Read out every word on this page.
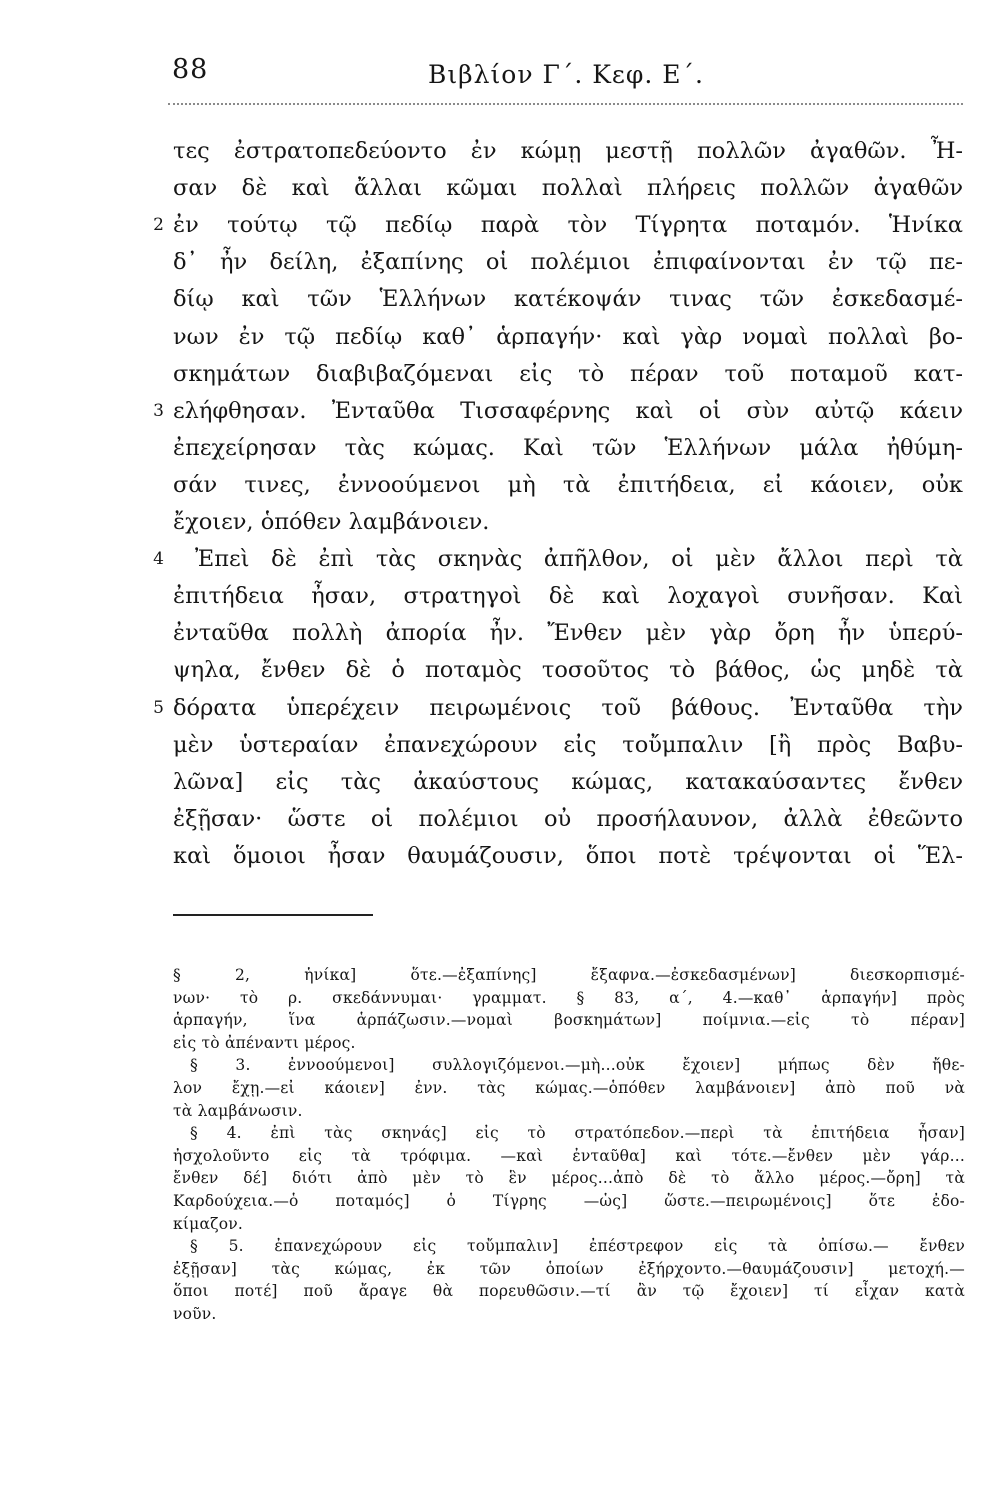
88	Βιβλίον Γ΄. Κεφ. Ε΄.
τες ἐστρατοπεδεύοντο ἐν κώμῃ μεστῇ πολλῶν ἀγαθῶν. Ἦ-
σαν δὲ καὶ ἄλλαι κῶμαι πολλαὶ πλήρεις πολλῶν ἀγαθῶν
2 ἐν τούτῳ τῷ πεδίῳ παρὰ τὸν Τίγρητα ποταμόν. Ἡνίκα
δ᾽ ἦν δείλη, ἐξαπίνης οἱ πολέμιοι ἐπιφαίνονται ἐν τῷ πε-
δίῳ καὶ τῶν Ἑλλήνων κατέκοψάν τινας τῶν ἐσκεδασμέ-
νων ἐν τῷ πεδίῳ καθ᾽ ἁρπαγήν· καὶ γὰρ νομαὶ πολλαὶ βο-
σκημάτων διαβιβαζόμεναι εἰς τὸ πέραν τοῦ ποταμοῦ κατ-
3 ελήφθησαν. Ἐνταῦθα Τισσαφέρνης καὶ οἱ σὺν αὐτῷ κάειν
ἐπεχείρησαν τὰς κώμας. Καὶ τῶν Ἑλλήνων μάλα ἠθύμη-
σάν τινες, ἐννοούμενοι μὴ τὰ ἐπιτήδεια, εἰ κάοιεν, οὐκ
ἔχοιεν, ὁπόθεν λαμβάνοιεν.
4 Ἐπεὶ δὲ ἐπὶ τὰς σκηνὰς ἀπῆλθον, οἱ μὲν ἄλλοι περὶ τὰ
ἐπιτήδεια ἦσαν, στρατηγοὶ δὲ καὶ λοχαγοὶ συνῆσαν. Καὶ
ἐνταῦθα πολλὴ ἀπορία ἦν. Ἔνθεν μὲν γὰρ ὄρη ἦν ὑπερύ-
ψηλα, ἔνθεν δὲ ὁ ποταμὸς τοσοῦτος τὸ βάθος, ὡς μηδὲ τὰ
5 δόρατα ὑπερέχειν πειρωμένοις τοῦ βάθους. Ἐνταῦθα τὴν
μὲν ὑστεραίαν ἐπανεχώρουν εἰς τοὔμπαλιν [ἢ πρὸς Βαβυ-
λῶνα] εἰς τὰς ἀκαύστους κώμας, κατακαύσαντες ἔνθεν
ἐξῇσαν· ὥστε οἱ πολέμιοι οὐ προσήλαυνον, ἀλλὰ ἐθεῶντο
καὶ ὅμοιοι ἦσαν θαυμάζουσιν, ὅποι ποτὲ τρέψονται οἱ Ἕλ-
§ 2, ἡνίκα] ὅτε.—ἐξαπίνης] ἔξαφνα.—ἐσκεδασμένων] διεσκορπισμέ-
νων· τὸ ρ. σκεδάννυμαι· γραμματ. § 83, α΄, 4.—καθ᾽ ἁρπαγήν] πρὸς
ἁρπαγήν, ἵνα ἁρπάζωσιν.—νομαὶ βοσκημάτων] ποίμνια.—εἰς τὸ πέραν]
εἰς τὸ ἀπέναντι μέρος.
§ 3. ἐννοούμενοι] συλλογιζόμενοι.—μὴ...οὐκ ἔχοιεν] μήπως δὲν ἤθε-
λον ἔχῃ.—εἰ κάοιεν] ἐνν. τὰς κώμας.—ὁπόθεν λαμβάνοιεν] ἀπὸ ποῦ νὰ
τὰ λαμβάνωσιν.
§ 4. ἐπὶ τὰς σκηνάς] εἰς τὸ στρατόπεδον.—περὶ τὰ ἐπιτήδεια ἦσαν]
ἠσχολοῦντο εἰς τὰ τρόφιμα. —καὶ ἐνταῦθα] καὶ τότε.—ἔνθεν μὲν γάρ...
ἔνθεν δέ] διότι ἀπὸ μὲν τὸ ἓν μέρος...ἀπὸ δὲ τὸ ἄλλο μέρος.—ὄρη] τὰ
Καρδούχεια.—ὁ ποταμός] ὁ Τίγρης —ὡς] ὥστε.—πειρωμένοις] ὅτε ἐδο-
κίμαζον.
§ 5. ἐπανεχώρουν εἰς τοὔμπαλιν] ἐπέστρεφον εἰς τὰ ὀπίσω.— ἔνθεν
ἐξῇσαν] τὰς κώμας, ἐκ τῶν ὁποίων ἐξήρχοντο.—θαυμάζουσιν] μετοχή.—
ὅποι ποτέ] ποῦ ἄραγε θὰ πορευθῶσιν.—τί ἂν τῷ ἔχοιεν] τί εἶχαν κατὰ
νοῦν.
